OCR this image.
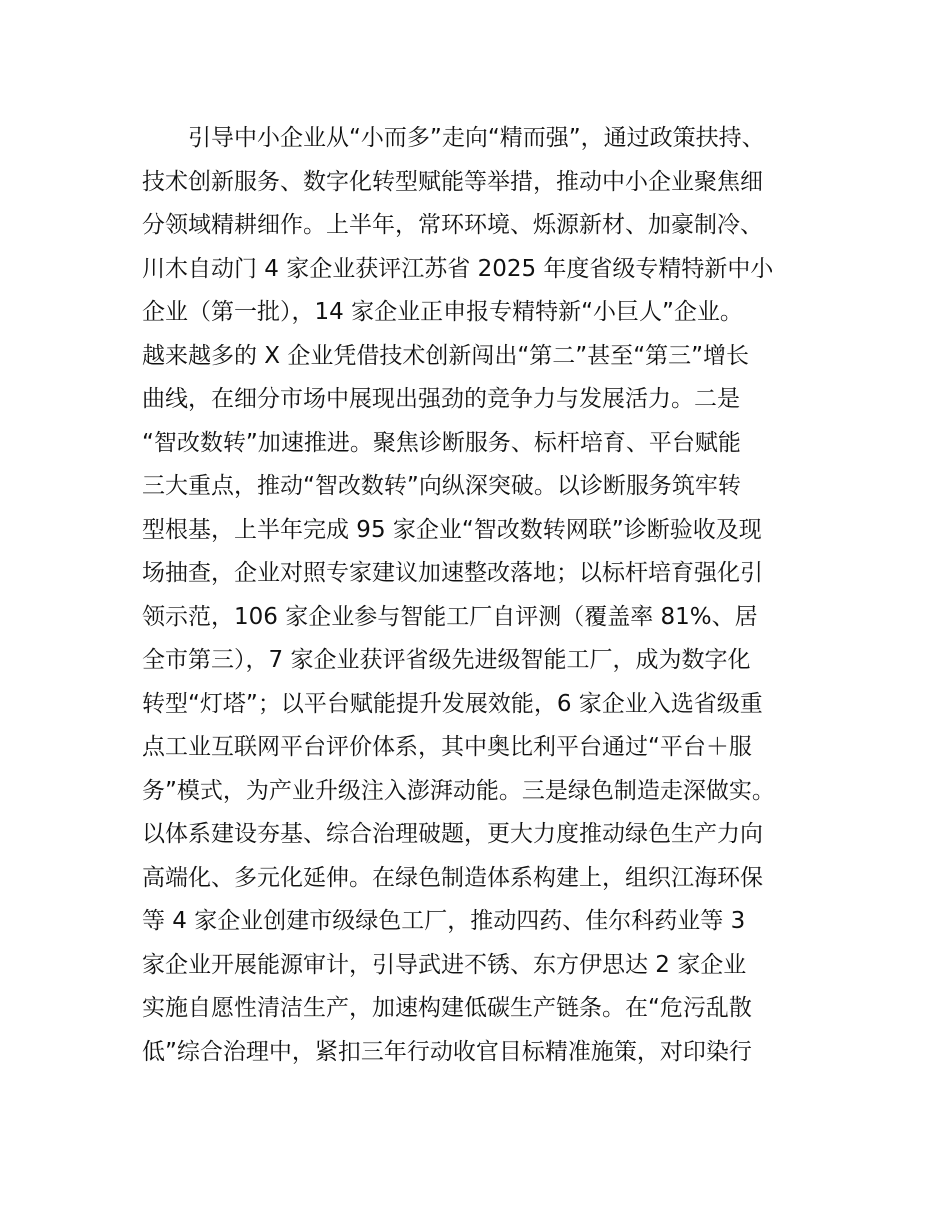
引导中小企业从“小而多”走向“精而强”，通过政策扶持、
技术创新服务、数字化转型赋能等举措，推动中小企业聚焦细
分领域精耕细作。上半年，常环环境、烁源新材、加豪制冷、
川木自动门 4 家企业获评江苏省 2025 年度省级专精特新中小
企业（第一批），14 家企业正申报专精特新“小巨人”企业。
越来越多的 X 企业凭借技术创新闯出“第二”甚至“第三”增长
曲线，在细分市场中展现出强劲的竞争力与发展活力。二是
“智改数转”加速推进。聚焦诊断服务、标杆培育、平台赋能
三大重点，推动“智改数转”向纵深突破。以诊断服务筑牢转
型根基，上半年完成 95 家企业“智改数转网联”诊断验收及现
场抽查，企业对照专家建议加速整改落地；以标杆培育强化引
领示范，106 家企业参与智能工厂自评测（覆盖率 81%、居
全市第三），7 家企业获评省级先进级智能工厂，成为数字化
转型“灯塔”；以平台赋能提升发展效能，6 家企业入选省级重
点工业互联网平台评价体系，其中奥比利平台通过“平台＋服
务”模式，为产业升级注入澎湃动能。三是绿色制造走深做实。
以体系建设夯基、综合治理破题，更大力度推动绿色生产力向
高端化、多元化延伸。在绿色制造体系构建上，组织江海环保
等 4 家企业创建市级绿色工厂，推动四药、佳尔科药业等 3
家企业开展能源审计，引导武进不锈、东方伊思达 2 家企业
实施自愿性清洁生产，加速构建低碳生产链条。在“危污乱散
低”综合治理中，紧扣三年行动收官目标精准施策，对印染行
